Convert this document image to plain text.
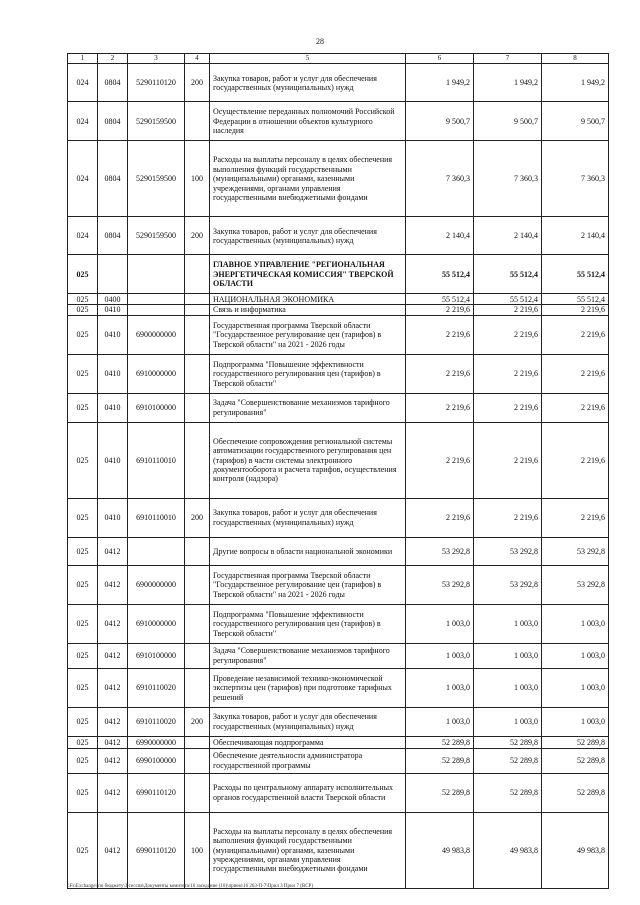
28
1	2	3	4	5	6	7	8
024	0804	5290110120	200	Закупка товаров, работ и услуг для обеспечения государственных (муниципальных) нужд	1 949,2	1 949,2	1 949,2
024	0804	5290159500		Осуществление переданных полномочий Российской Федерации в отношении объектов культурного наследия	9 500,7	9 500,7	9 500,7
024	0804	5290159500	100	Расходы на выплаты персоналу в целях обеспечения выполнения функций государственными (муниципальными) органами, казенными учреждениями, органами управления государственными внебюджетными фондами	7 360,3	7 360,3	7 360,3
024	0804	5290159500	200	Закупка товаров, работ и услуг для обеспечения государственных (муниципальных) нужд	2 140,4	2 140,4	2 140,4
025				ГЛАВНОЕ УПРАВЛЕНИЕ "РЕГИОНАЛЬНАЯ ЭНЕРГЕТИЧЕСКАЯ КОМИССИЯ" ТВЕРСКОЙ ОБЛАСТИ	55 512,4	55 512,4	55 512,4
025	0400			НАЦИОНАЛЬНАЯ ЭКОНОМИКА	55 512,4	55 512,4	55 512,4
025	0410			Связь и информатика	2 219,6	2 219,6	2 219,6
025	0410	6900000000		Государственная программа Тверской области "Государственное регулирование цен (тарифов) в Тверской области" на 2021 - 2026 годы	2 219,6	2 219,6	2 219,6
025	0410	6910000000		Подпрограмма "Повышение эффективности государственного регулирования цен (тарифов) в Тверской области"	2 219,6	2 219,6	2 219,6
025	0410	6910100000		Задача "Совершенствование механизмов тарифного регулирования"	2 219,6	2 219,6	2 219,6
025	0410	6910110010		Обеспечение сопровождения региональной системы автоматизации государственного регулирования цен (тарифов) в части системы электронного документооборота и расчета тарифов, осуществления контроля (надзора)	2 219,6	2 219,6	2 219,6
025	0410	6910110010	200	Закупка товаров, работ и услуг для обеспечения государственных (муниципальных) нужд	2 219,6	2 219,6	2 219,6
025	0412			Другие вопросы в области национальной экономики	53 292,8	53 292,8	53 292,8
025	0412	6900000000		Государственная программа Тверской области "Государственное регулирование цен (тарифов) в Тверской области" на 2021 - 2026 годы	53 292,8	53 292,8	53 292,8
025	0412	6910000000		Подпрограмма "Повышение эффективности государственного регулирования цен (тарифов) в Тверской области"	1 003,0	1 003,0	1 003,0
025	0412	6910100000		Задача "Совершенствование механизмов тарифного регулирования"	1 003,0	1 003,0	1 003,0
025	0412	6910110020		Проведение независимой технико-экономической экспертизы цен (тарифов) при подготовке тарифных решений	1 003,0	1 003,0	1 003,0
025	0412	6910110020	200	Закупка товаров, работ и услуг для обеспечения государственных (муниципальных) нужд	1 003,0	1 003,0	1 003,0
025	0412	6990000000		Обеспечивающая подпрограмма	52 289,8	52 289,8	52 289,8
025	0412	6990100000		Обеспечение деятельности администратора государственной программы	52 289,8	52 289,8	52 289,8
025	0412	6990110120		Расходы по центральному аппарату исполнительных органов государственной власти Тверской области	52 289,8	52 289,8	52 289,8
025	0412	6990110120	100	Расходы на выплаты персоналу в целях обеспечения выполнения функций государственными (муниципальными) органами, казенными учреждениями, органами управления государственными внебюджетными фондами	49 983,8	49 983,8	49 983,8
\\Fs\Exchange\ по бюджету\3 сессия\Документы комитета\16 заседание (10)\прием\16 263-П-7\Прил 3 Прил 7 (ВСР)
